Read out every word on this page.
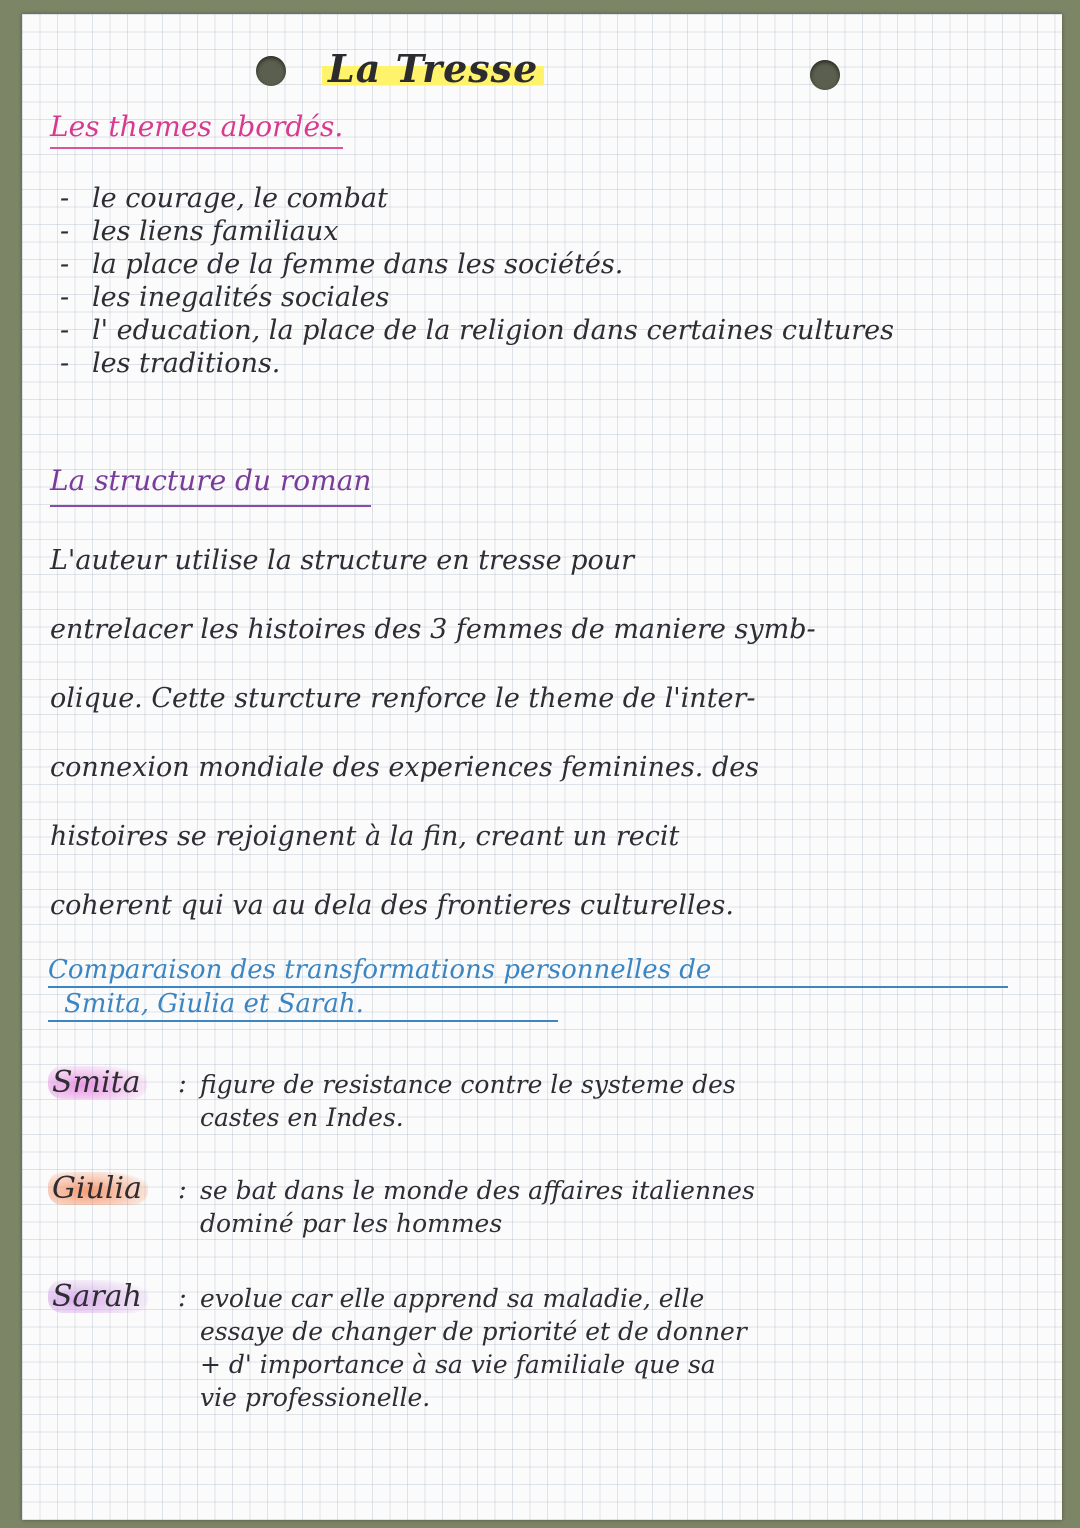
La Tresse
Les themes abordés.
- le courage, le combat
- les liens familiaux
- la place de la femme dans les sociétés.
- les inegalités sociales
- l' education, la place de la religion dans certaines cultures
- les traditions.
La structure du roman
L'auteur utilise la structure en tresse pour
entrelacer les histoires des 3 femmes de maniere symb-
olique. Cette sturcture renforce le theme de l'inter-
connexion mondiale des experiences feminines. des
histoires se rejoignent à la fin, creant un recit
coherent qui va au dela des frontieres culturelles.
Comparaison des transformations personnelles de
Smita, Giulia et Sarah.
Smita : figure de resistance contre le systeme des
castes en Indes.
Giulia : se bat dans le monde des affaires italiennes
dominé par les hommes
Sarah : evolue car elle apprend sa maladie, elle
essaye de changer de priorité et de donner
+ d' importance à sa vie familiale que sa
vie professionelle.
